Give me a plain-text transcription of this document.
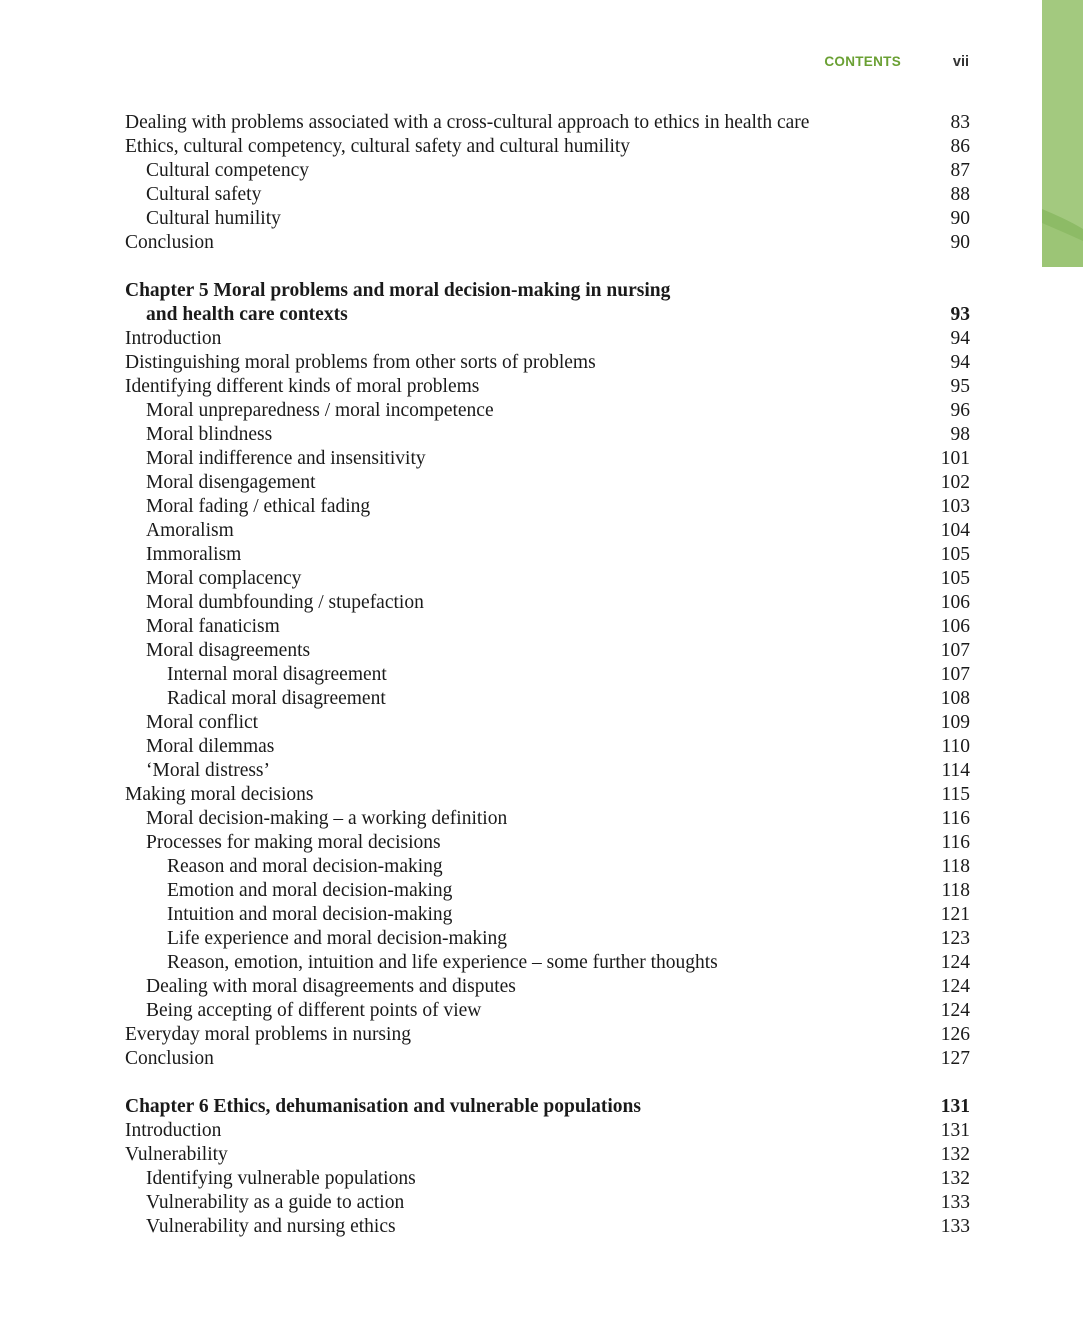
CONTENTS	vii
Dealing with problems associated with a cross-cultural approach to ethics in health care	83
Ethics, cultural competency, cultural safety and cultural humility	86
Cultural competency	87
Cultural safety	88
Cultural humility	90
Conclusion	90
Chapter 5 Moral problems and moral decision-making in nursing
and health care contexts	93
Introduction	94
Distinguishing moral problems from other sorts of problems	94
Identifying different kinds of moral problems	95
Moral unpreparedness / moral incompetence	96
Moral blindness	98
Moral indifference and insensitivity	101
Moral disengagement	102
Moral fading / ethical fading	103
Amoralism	104
Immoralism	105
Moral complacency	105
Moral dumbfounding / stupefaction	106
Moral fanaticism	106
Moral disagreements	107
Internal moral disagreement	107
Radical moral disagreement	108
Moral conflict	109
Moral dilemmas	110
‘Moral distress’	114
Making moral decisions	115
Moral decision-making – a working definition	116
Processes for making moral decisions	116
Reason and moral decision-making	118
Emotion and moral decision-making	118
Intuition and moral decision-making	121
Life experience and moral decision-making	123
Reason, emotion, intuition and life experience – some further thoughts	124
Dealing with moral disagreements and disputes	124
Being accepting of different points of view	124
Everyday moral problems in nursing	126
Conclusion	127
Chapter 6 Ethics, dehumanisation and vulnerable populations	131
Introduction	131
Vulnerability	132
Identifying vulnerable populations	132
Vulnerability as a guide to action	133
Vulnerability and nursing ethics	133
